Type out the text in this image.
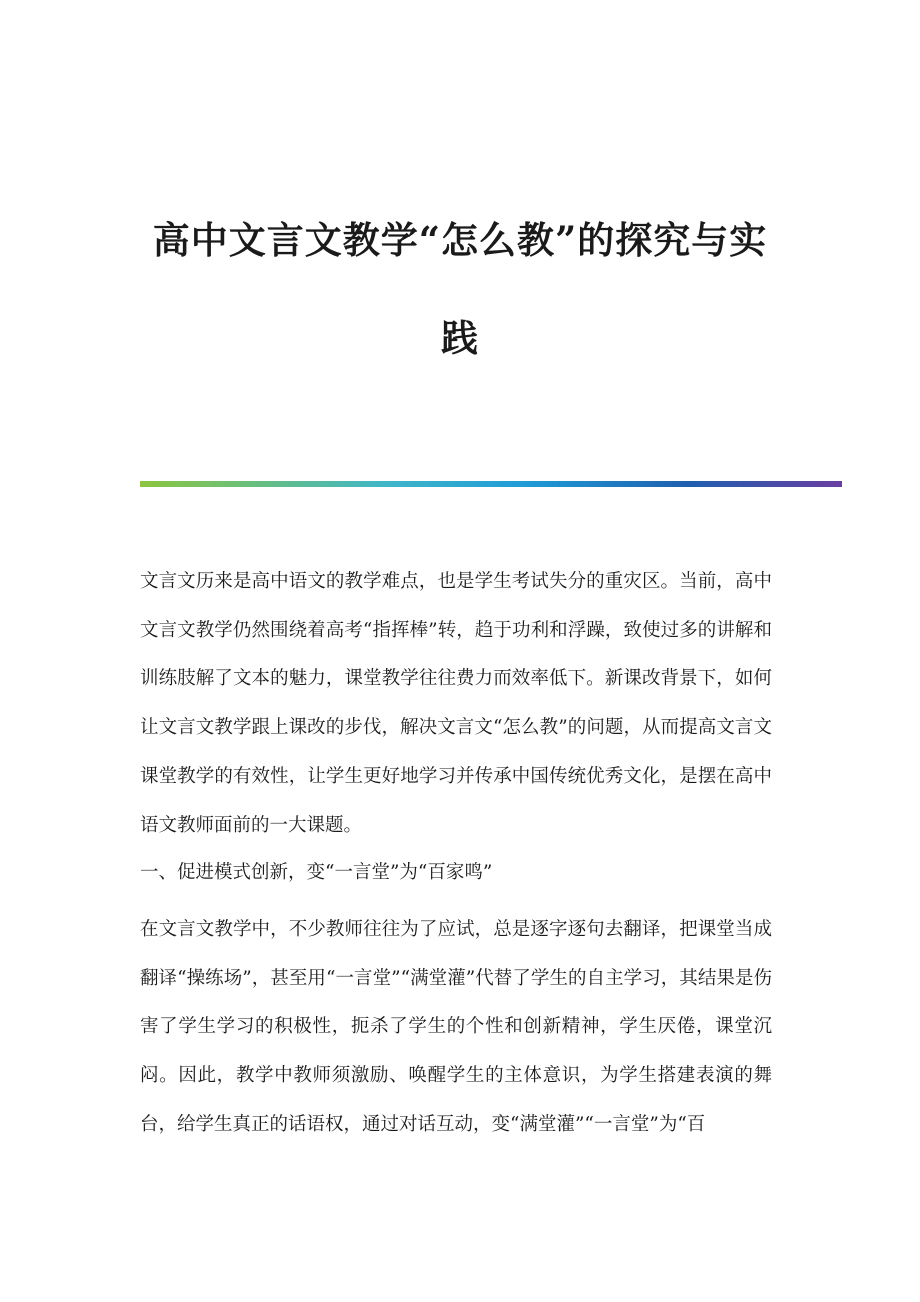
高中文言文教学“怎么教”的探究与实
践

文言文历来是高中语文的教学难点，也是学生考试失分的重灾区。当前，高中文言文教学仍然围绕着高考“指挥棒”转，趋于功利和浮躁，致使过多的讲解和训练肢解了文本的魅力，课堂教学往往费力而效率低下。新课改背景下，如何让文言文教学跟上课改的步伐，解决文言文“怎么教”的问题，从而提高文言文课堂教学的有效性，让学生更好地学习并传承中国传统优秀文化，是摆在高中语文教师面前的一大课题。

一、促进模式创新，变“一言堂”为“百家鸣”

在文言文教学中，不少教师往往为了应试，总是逐字逐句去翻译，把课堂当成翻译“操练场”，甚至用“一言堂”“满堂灌”代替了学生的自主学习，其结果是伤害了学生学习的积极性，扼杀了学生的个性和创新精神，学生厌倦，课堂沉闷。因此，教学中教师须激励、唤醒学生的主体意识，为学生搭建表演的舞台，给学生真正的话语权，通过对话互动，变“满堂灌”“一言堂”为“百
